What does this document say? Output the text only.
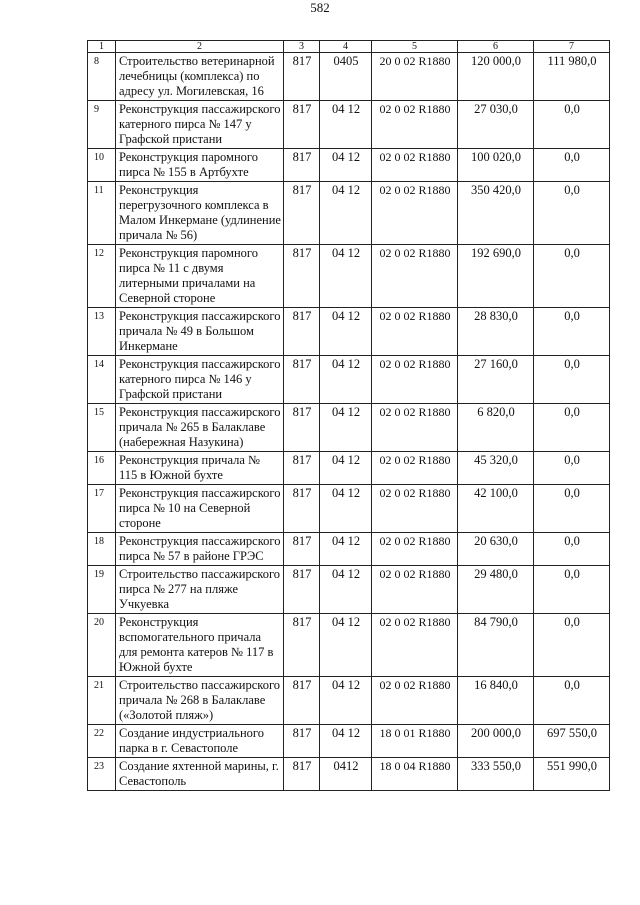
582
1	2	3	4	5	6	7
8	Строительство ветеринарной лечебницы (комплекса) по адресу ул. Могилевская, 16	817	0405	20 0 02 R1880	120 000,0	111 980,0
9	Реконструкция пассажирского катерного пирса № 147 у Графской пристани	817	04 12	02 0 02 R1880	27 030,0	0,0
10	Реконструкция паромного пирса № 155 в Артбухте	817	04 12	02 0 02 R1880	100 020,0	0,0
11	Реконструкция перегрузочного комплекса в Малом Инкермане (удлинение причала № 56)	817	04 12	02 0 02 R1880	350 420,0	0,0
12	Реконструкция паромного пирса № 11 с двумя литерными причалами на Северной стороне	817	04 12	02 0 02 R1880	192 690,0	0,0
13	Реконструкция пассажирского причала № 49 в Большом Инкермане	817	04 12	02 0 02 R1880	28 830,0	0,0
14	Реконструкция пассажирского катерного пирса № 146 у Графской пристани	817	04 12	02 0 02 R1880	27 160,0	0,0
15	Реконструкция пассажирского причала № 265 в Балаклаве (набережная Назукина)	817	04 12	02 0 02 R1880	6 820,0	0,0
16	Реконструкция причала № 115 в Южной бухте	817	04 12	02 0 02 R1880	45 320,0	0,0
17	Реконструкция пассажирского пирса № 10 на Северной стороне	817	04 12	02 0 02 R1880	42 100,0	0,0
18	Реконструкция пассажирского пирса № 57 в районе ГРЭС	817	04 12	02 0 02 R1880	20 630,0	0,0
19	Строительство пассажирского пирса № 277 на пляже Учкуевка	817	04 12	02 0 02 R1880	29 480,0	0,0
20	Реконструкция вспомогательного причала для ремонта катеров № 117 в Южной бухте	817	04 12	02 0 02 R1880	84 790,0	0,0
21	Строительство пассажирского причала № 268 в Балаклаве («Золотой пляж»)	817	04 12	02 0 02 R1880	16 840,0	0,0
22	Создание индустриального парка в г. Севастополе	817	04 12	18 0 01 R1880	200 000,0	697 550,0
23	Создание яхтенной марины, г. Севастополь	817	0412	18 0 04 R1880	333 550,0	551 990,0
